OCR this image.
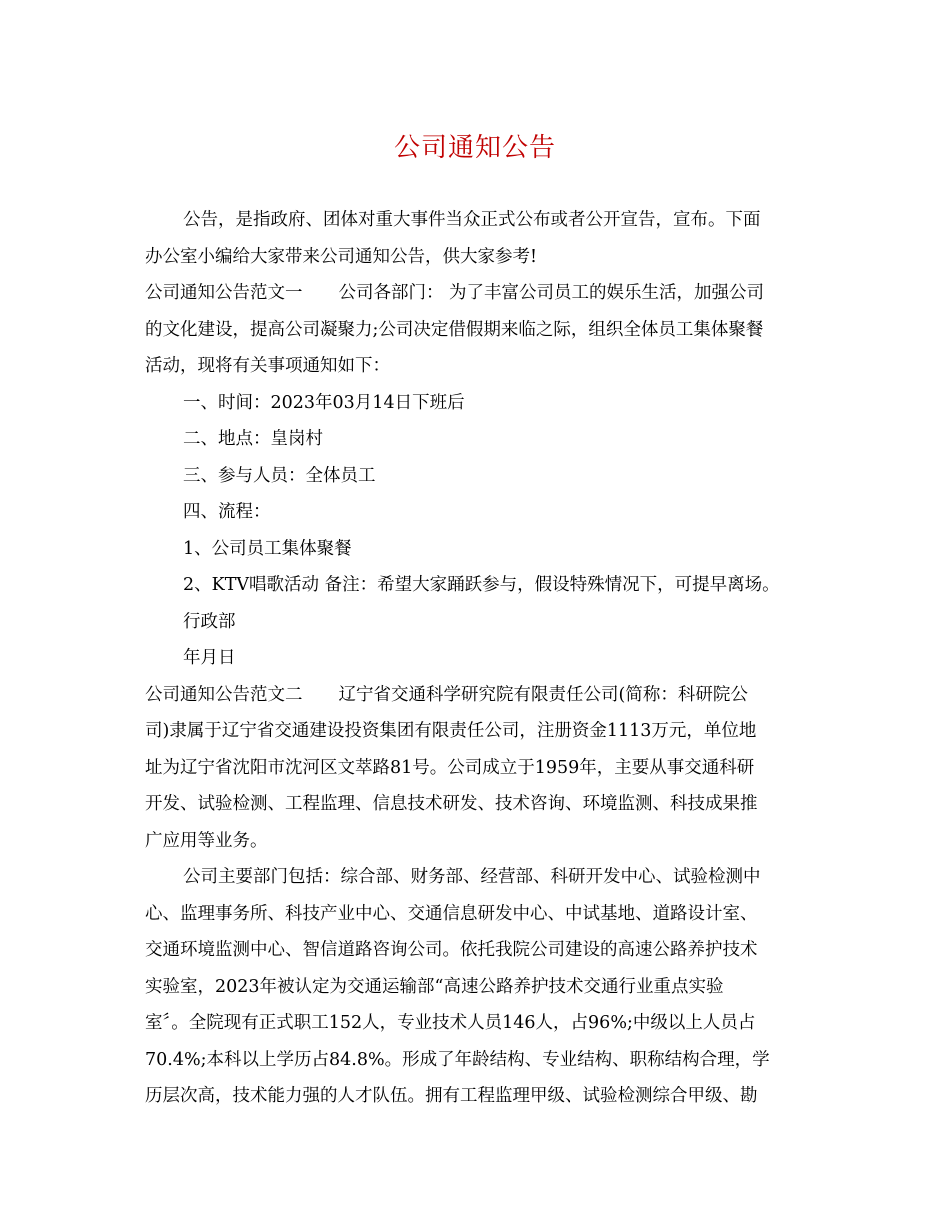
公司通知公告
公告，是指政府、团体对重大事件当众正式公布或者公开宣告，宣布。下面
办公室小编给大家带来公司通知公告，供大家参考!
公司通知公告范文一 公司各部门： 为了丰富公司员工的娱乐生活，加强公司
的文化建设，提高公司凝聚力;公司决定借假期来临之际，组织全体员工集体聚餐
活动，现将有关事项通知如下：
一、时间：2023年03月14日下班后
二、地点：皇岗村
三、参与人员：全体员工
四、流程：
1、公司员工集体聚餐
2、KTV唱歌活动 备注：希望大家踊跃参与，假设特殊情况下，可提早离场。
行政部
年月日
公司通知公告范文二 辽宁省交通科学研究院有限责任公司(简称：科研院公
司)隶属于辽宁省交通建设投资集团有限责任公司，注册资金1113万元，单位地
址为辽宁省沈阳市沈河区文萃路81号。公司成立于1959年，主要从事交通科研
开发、试验检测、工程监理、信息技术研发、技术咨询、环境监测、科技成果推
广应用等业务。
公司主要部门包括：综合部、财务部、经营部、科研开发中心、试验检测中
心、监理事务所、科技产业中心、交通信息研发中心、中试基地、道路设计室、
交通环境监测中心、智信道路咨询公司。依托我院公司建设的高速公路养护技术
实验室，2023年被认定为交通运输部“高速公路养护技术交通行业重点实验
室〞。全院现有正式职工152人，专业技术人员146人，占96%;中级以上人员占
70.4%;本科以上学历占84.8%。形成了年龄结构、专业结构、职称结构合理，学
历层次高，技术能力强的人才队伍。拥有工程监理甲级、试验检测综合甲级、勘
